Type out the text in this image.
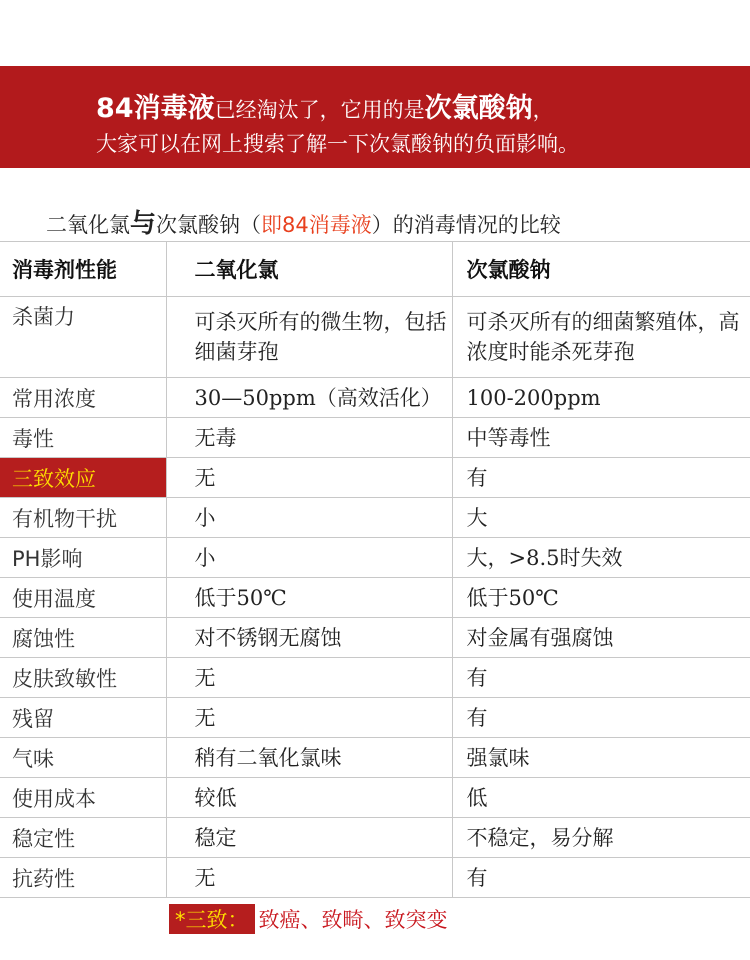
84消毒液已经淘汰了，它用的是次氯酸钠，
大家可以在网上搜索了解一下次氯酸钠的负面影响。
二氧化氯与次氯酸钠（即84消毒液）的消毒情况的比较
消毒剂性能	二氧化氯	次氯酸钠
杀菌力	可杀灭所有的微生物，包括细菌芽孢	可杀灭所有的细菌繁殖体，高浓度时能杀死芽孢
常用浓度	30—50ppm（高效活化）	100-200ppm
毒性	无毒	中等毒性
三致效应	无	有
有机物干扰	小	大
PH影响	小	大，>8.5时失效
使用温度	低于50℃	低于50℃
腐蚀性	对不锈钢无腐蚀	对金属有强腐蚀
皮肤致敏性	无	有
残留	无	有
气味	稍有二氧化氯味	强氯味
使用成本	较低	低
稳定性	稳定	不稳定，易分解
抗药性	无	有
*三致： 致癌、致畸、致突变
